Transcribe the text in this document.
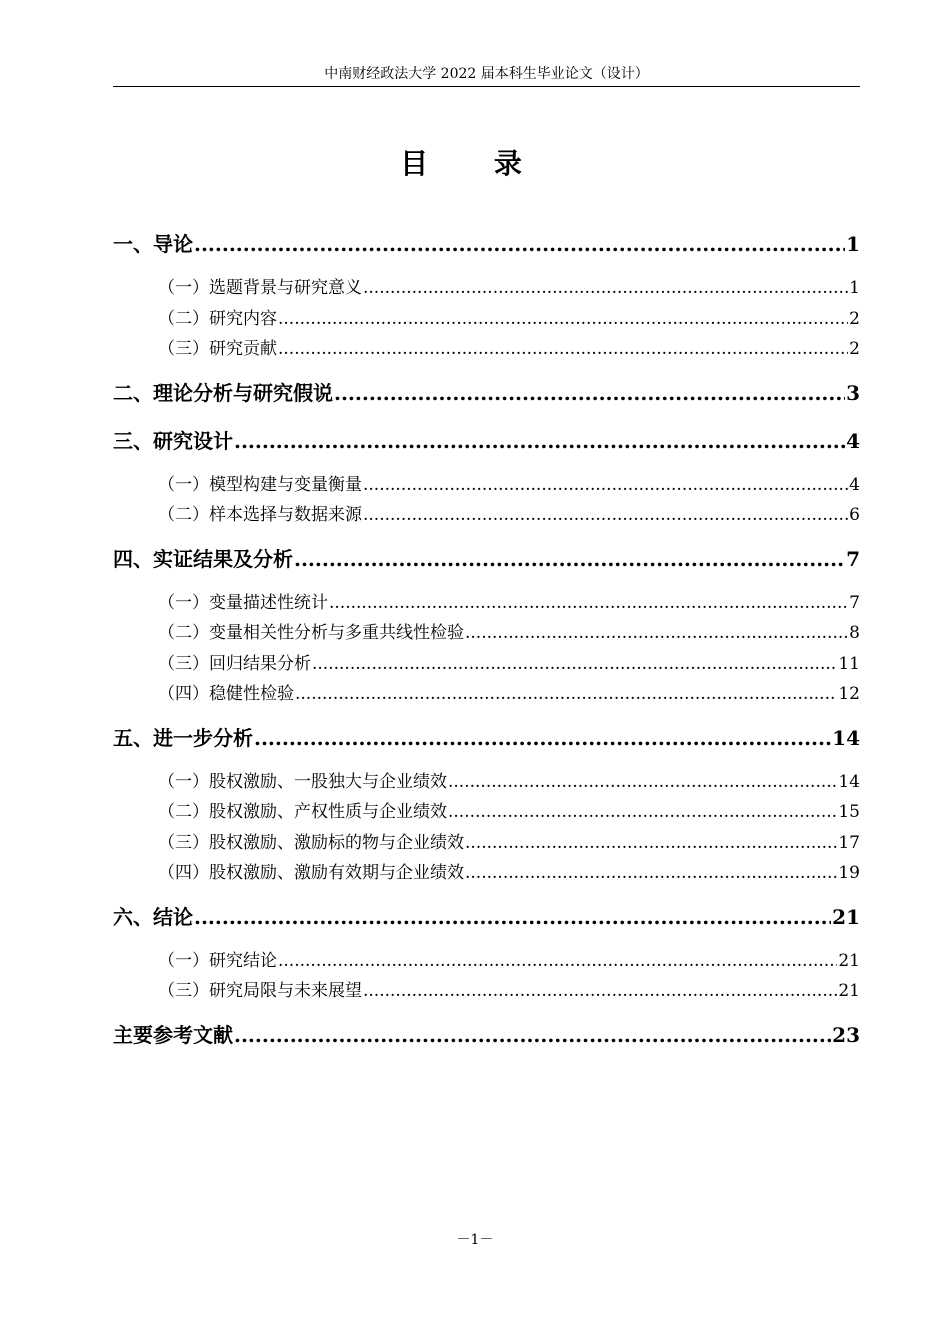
中南财经政法大学 2022 届本科生毕业论文（设计）
目 录
一、导论 .....	1
（一）选题背景与研究意义 .....	1
（二）研究内容 .....	2
（三）研究贡献 .....	2
二、理论分析与研究假说 .....	3
三、研究设计 .....	4
（一）模型构建与变量衡量 .....	4
（二）样本选择与数据来源 .....	6
四、实证结果及分析 .....	7
（一）变量描述性统计 .....	7
（二）变量相关性分析与多重共线性检验 .....	8
（三）回归结果分析 .....	11
（四）稳健性检验 .....	12
五、进一步分析 .....	14
（一）股权激励、一股独大与企业绩效 .....	14
（二）股权激励、产权性质与企业绩效 .....	15
（三）股权激励、激励标的物与企业绩效 .....	17
（四）股权激励、激励有效期与企业绩效 .....	19
六、结论 .....	21
（一）研究结论 .....	21
（三）研究局限与未来展望 .....	21
主要参考文献 .....	23
－1－
